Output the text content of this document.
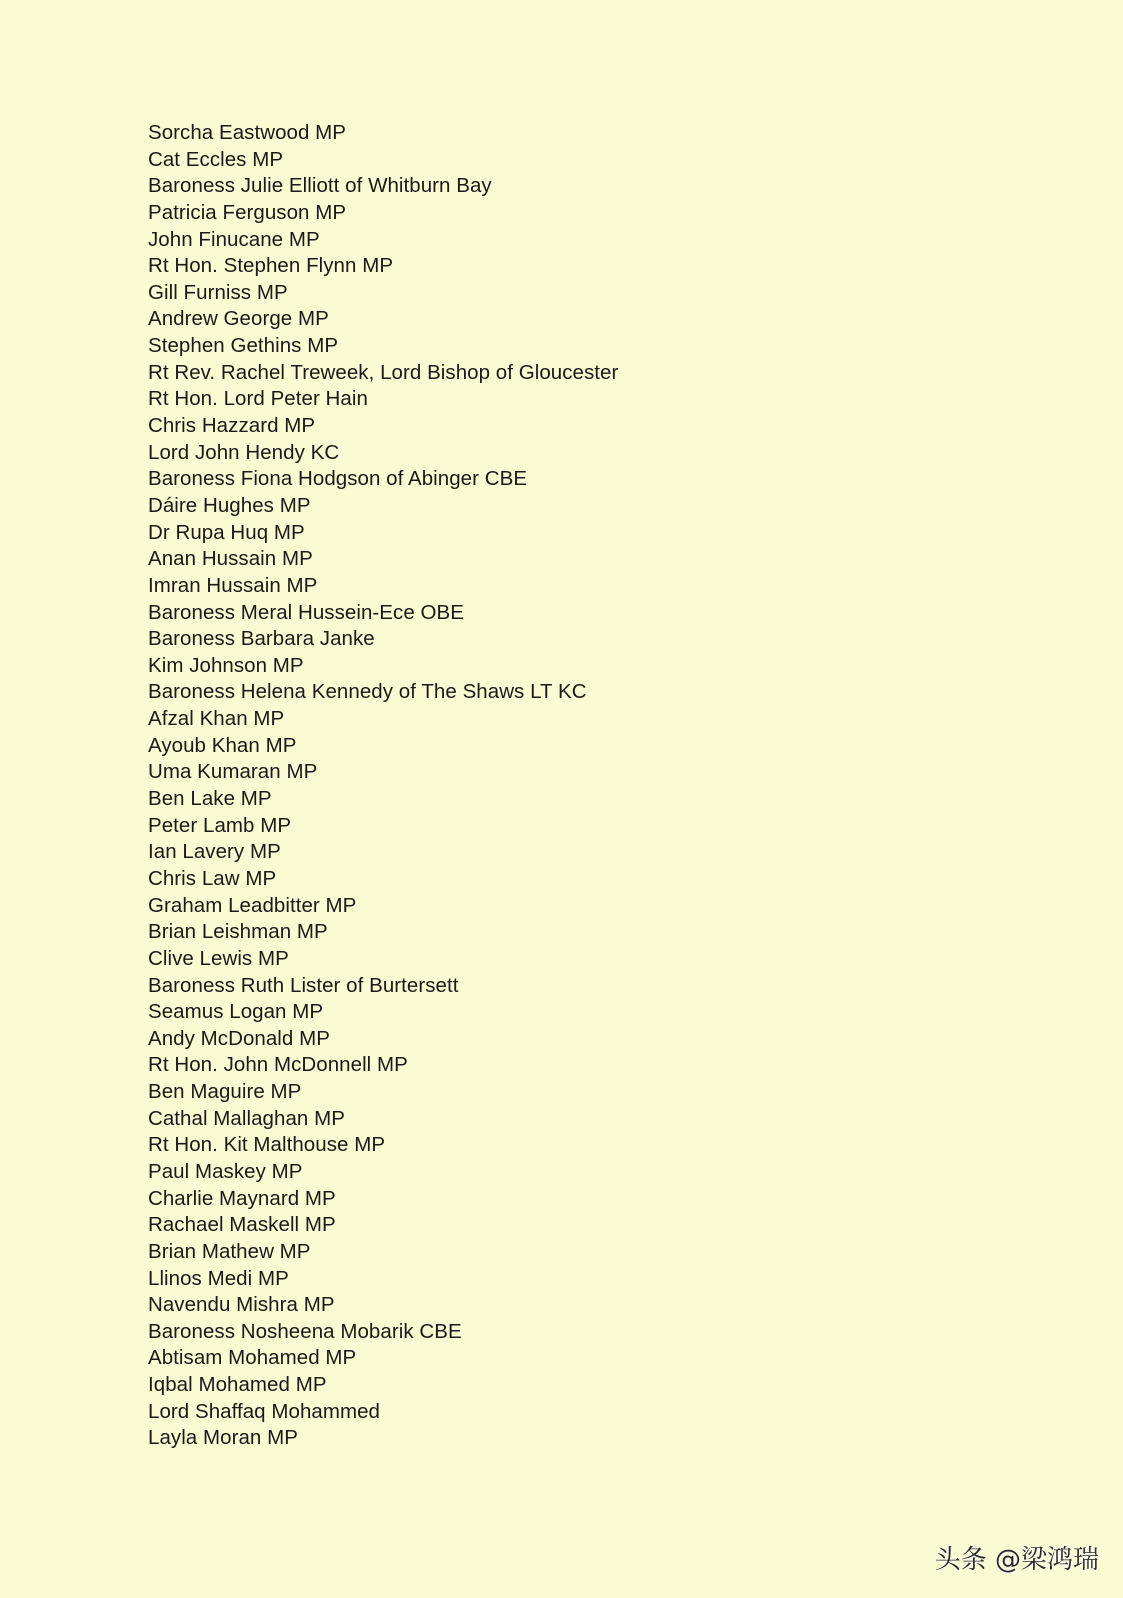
Sorcha Eastwood MP
Cat Eccles MP
Baroness Julie Elliott of Whitburn Bay
Patricia Ferguson MP
John Finucane MP
Rt Hon. Stephen Flynn MP
Gill Furniss MP
Andrew George MP
Stephen Gethins MP
Rt Rev. Rachel Treweek, Lord Bishop of Gloucester
Rt Hon. Lord Peter Hain
Chris Hazzard MP
Lord John Hendy KC
Baroness Fiona Hodgson of Abinger CBE
Dáire Hughes MP
Dr Rupa Huq MP
Anan Hussain MP
Imran Hussain MP
Baroness Meral Hussein-Ece OBE
Baroness Barbara Janke
Kim Johnson MP
Baroness Helena Kennedy of The Shaws LT KC
Afzal Khan MP
Ayoub Khan MP
Uma Kumaran MP
Ben Lake MP
Peter Lamb MP
Ian Lavery MP
Chris Law MP
Graham Leadbitter MP
Brian Leishman MP
Clive Lewis MP
Baroness Ruth Lister of Burtersett
Seamus Logan MP
Andy McDonald MP
Rt Hon. John McDonnell MP
Ben Maguire MP
Cathal Mallaghan MP
Rt Hon. Kit Malthouse MP
Paul Maskey MP
Charlie Maynard MP
Rachael Maskell MP
Brian Mathew MP
Llinos Medi MP
Navendu Mishra MP
Baroness Nosheena Mobarik CBE
Abtisam Mohamed MP
Iqbal Mohamed MP
Lord Shaffaq Mohammed
Layla Moran MP
头条 @梁鸿瑞
